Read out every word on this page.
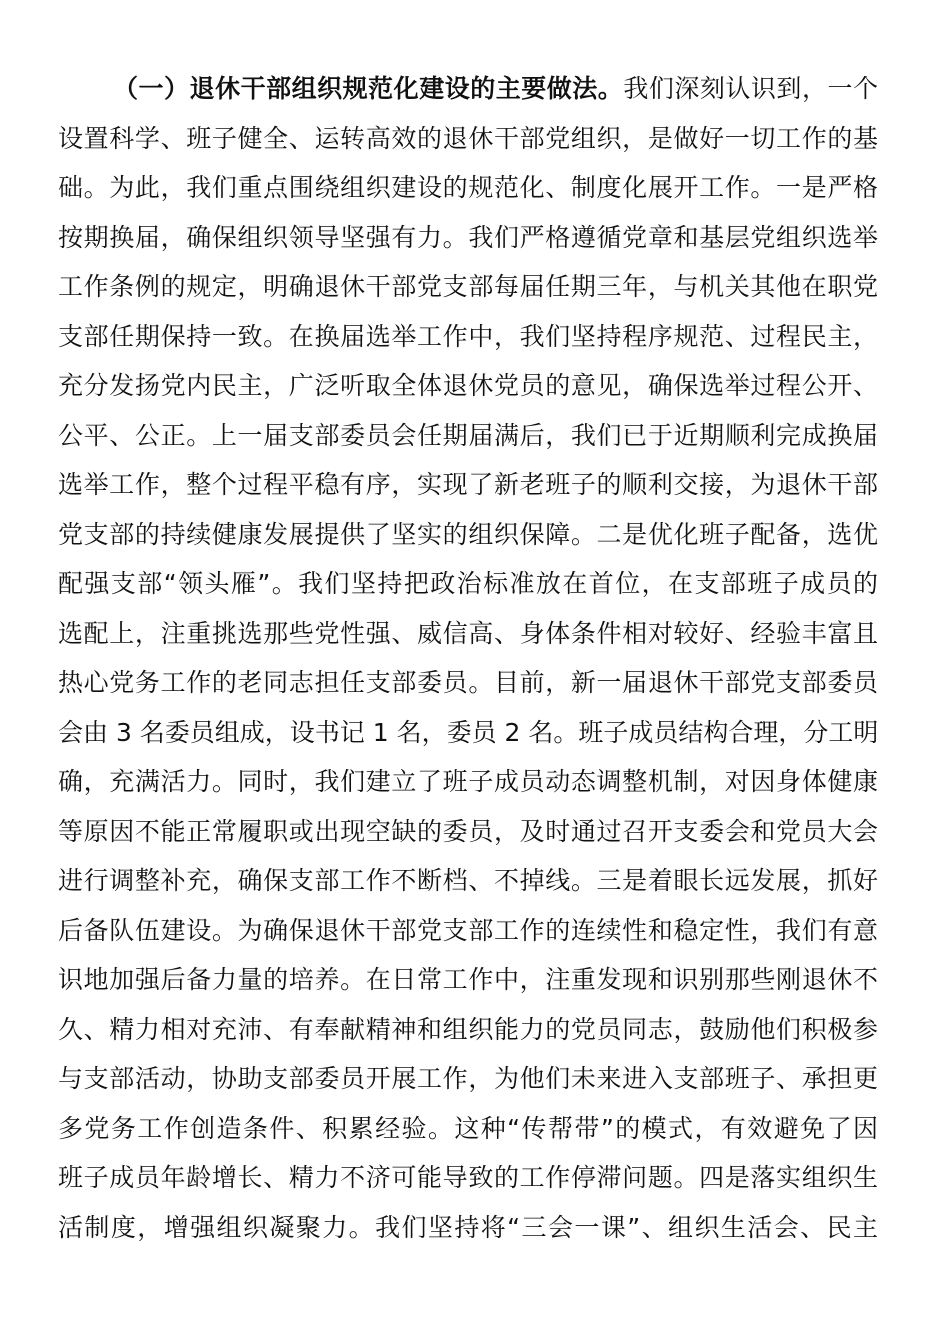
（一）退休干部组织规范化建设的主要做法。我们深刻认识到，一个
设置科学、班子健全、运转高效的退休干部党组织，是做好一切工作的基
础。为此，我们重点围绕组织建设的规范化、制度化展开工作。一是严格
按期换届，确保组织领导坚强有力。我们严格遵循党章和基层党组织选举
工作条例的规定，明确退休干部党支部每届任期三年，与机关其他在职党
支部任期保持一致。在换届选举工作中，我们坚持程序规范、过程民主，
充分发扬党内民主，广泛听取全体退休党员的意见，确保选举过程公开、
公平、公正。上一届支部委员会任期届满后，我们已于近期顺利完成换届
选举工作，整个过程平稳有序，实现了新老班子的顺利交接，为退休干部
党支部的持续健康发展提供了坚实的组织保障。二是优化班子配备，选优
配强支部“领头雁”。我们坚持把政治标准放在首位，在支部班子成员的
选配上，注重挑选那些党性强、威信高、身体条件相对较好、经验丰富且
热心党务工作的老同志担任支部委员。目前，新一届退休干部党支部委员
会由 3 名委员组成，设书记 1 名，委员 2 名。班子成员结构合理，分工明
确，充满活力。同时，我们建立了班子成员动态调整机制，对因身体健康
等原因不能正常履职或出现空缺的委员，及时通过召开支委会和党员大会
进行调整补充，确保支部工作不断档、不掉线。三是着眼长远发展，抓好
后备队伍建设。为确保退休干部党支部工作的连续性和稳定性，我们有意
识地加强后备力量的培养。在日常工作中，注重发现和识别那些刚退休不
久、精力相对充沛、有奉献精神和组织能力的党员同志，鼓励他们积极参
与支部活动，协助支部委员开展工作，为他们未来进入支部班子、承担更
多党务工作创造条件、积累经验。这种“传帮带”的模式，有效避免了因
班子成员年龄增长、精力不济可能导致的工作停滞问题。四是落实组织生
活制度，增强组织凝聚力。我们坚持将“三会一课”、组织生活会、民主
